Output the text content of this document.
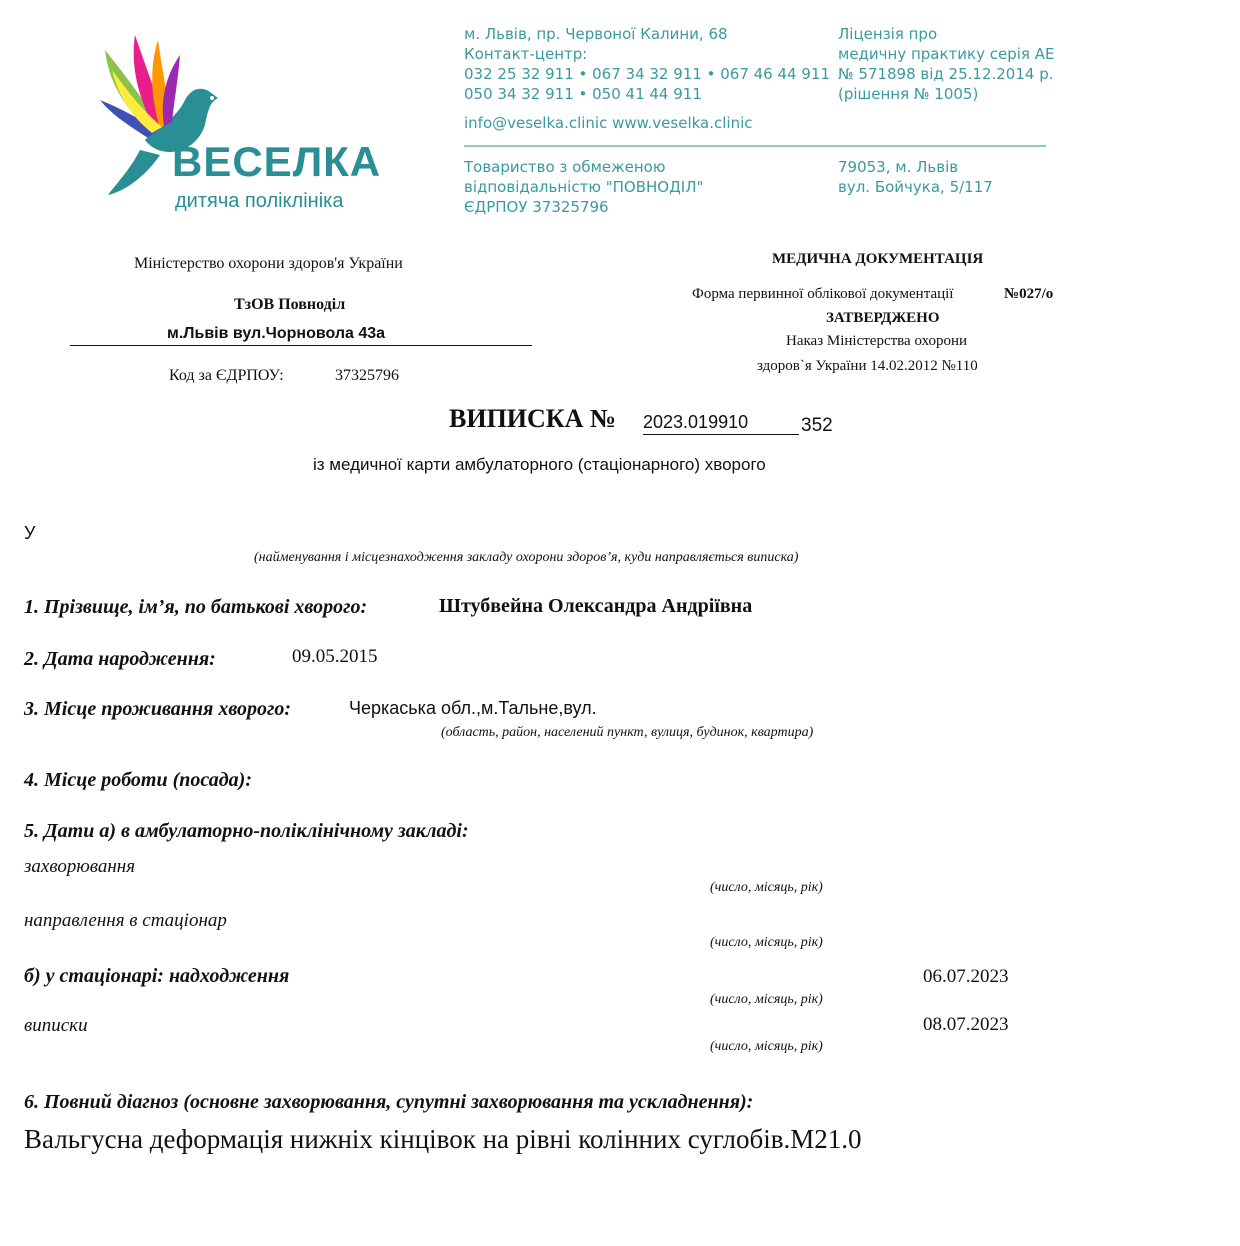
ВЕСЕЛКА
дитяча поліклініка
м. Львів, пр. Червоної Калини, 68
Контакт-центр:
032 25 32 911 • 067 34 32 911 • 067 46 44 911
050 34 32 911 • 050 41 44 911
info@veselka.clinic www.veselka.clinic
Ліцензія про
медичну практику серія АЕ
№ 571898 від 25.12.2014 р.
(рішення № 1005)
Товариство з обмеженою
відповідальністю "ПОВНОДІЛ"
ЄДРПОУ 37325796
79053, м. Львів
вул. Бойчука, 5/117
Міністерство охорони здоров'я України
ТзОВ Повноділ
м.Львів вул.Чорновола 43а
Код за ЄДРПОУ:	37325796
МЕДИЧНА ДОКУМЕНТАЦІЯ
Форма первинної облікової документації	№027/о
ЗАТВЕРДЖЕНО
Наказ Міністерства охорони
здоров`я України 14.02.2012 №110
ВИПИСКА № 2023.019910	352
із медичної карти амбулаторного (стаціонарного) хворого
У
(найменування і місцезнаходження закладу охорони здоров’я, куди направляється виписка)
1. Прізвище, ім’я, по батькові хворого:	Штубвейна Олександра Андріївна
2. Дата народження:	09.05.2015
3. Місце проживання хворого:	Черкаська обл.,м.Тальне,вул.
(область, район, населений пункт, вулиця, будинок, квартира)
4. Місце роботи (посада):
5. Дати а) в амбулаторно-поліклінічному закладі:
захворювання
(число, місяць, рік)
направлення в стаціонар
(число, місяць, рік)
б) у стаціонарі: надходження	06.07.2023
(число, місяць, рік)
виписки	08.07.2023
(число, місяць, рік)
6. Повний діагноз (основне захворювання, супутні захворювання та ускладнення):
Вальгусна деформація нижніх кінцівок на рівні колінних суглобів.М21.0
